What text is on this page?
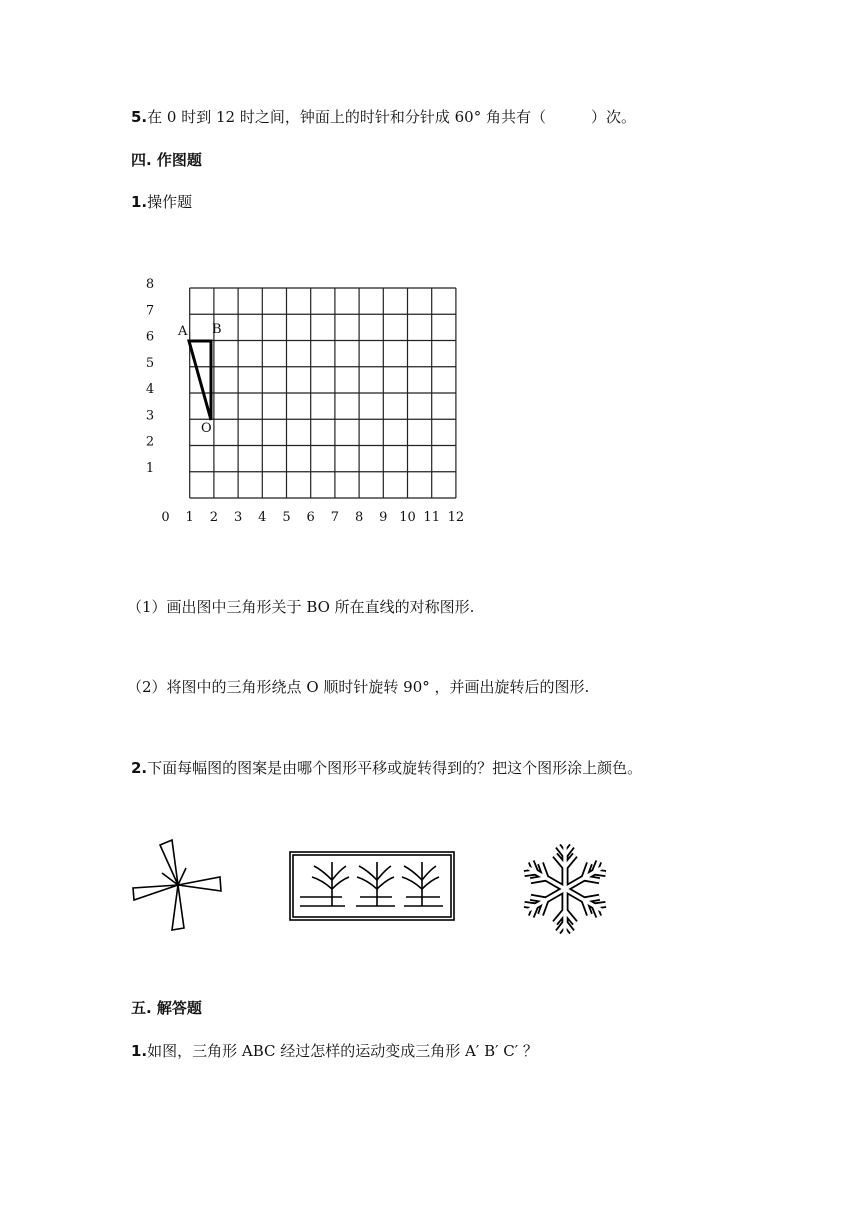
5.在 0 时到 12 时之间，钟面上的时针和分针成 60° 角共有（　　　）次。
四. 作图题
1.操作题
0 1 2 3 4 5 6 7 8 9 10 11 12
1
2
3
4
5
6
7
8
A B
O
（1）画出图中三角形关于 BO 所在直线的对称图形.
（2）将图中的三角形绕点 O 顺时针旋转 90° ，并画出旋转后的图形.
2.下面每幅图的图案是由哪个图形平移或旋转得到的？把这个图形涂上颜色。
五. 解答题
1.如图，三角形 ABC 经过怎样的运动变成三角形 A′ B′ C′ ？
